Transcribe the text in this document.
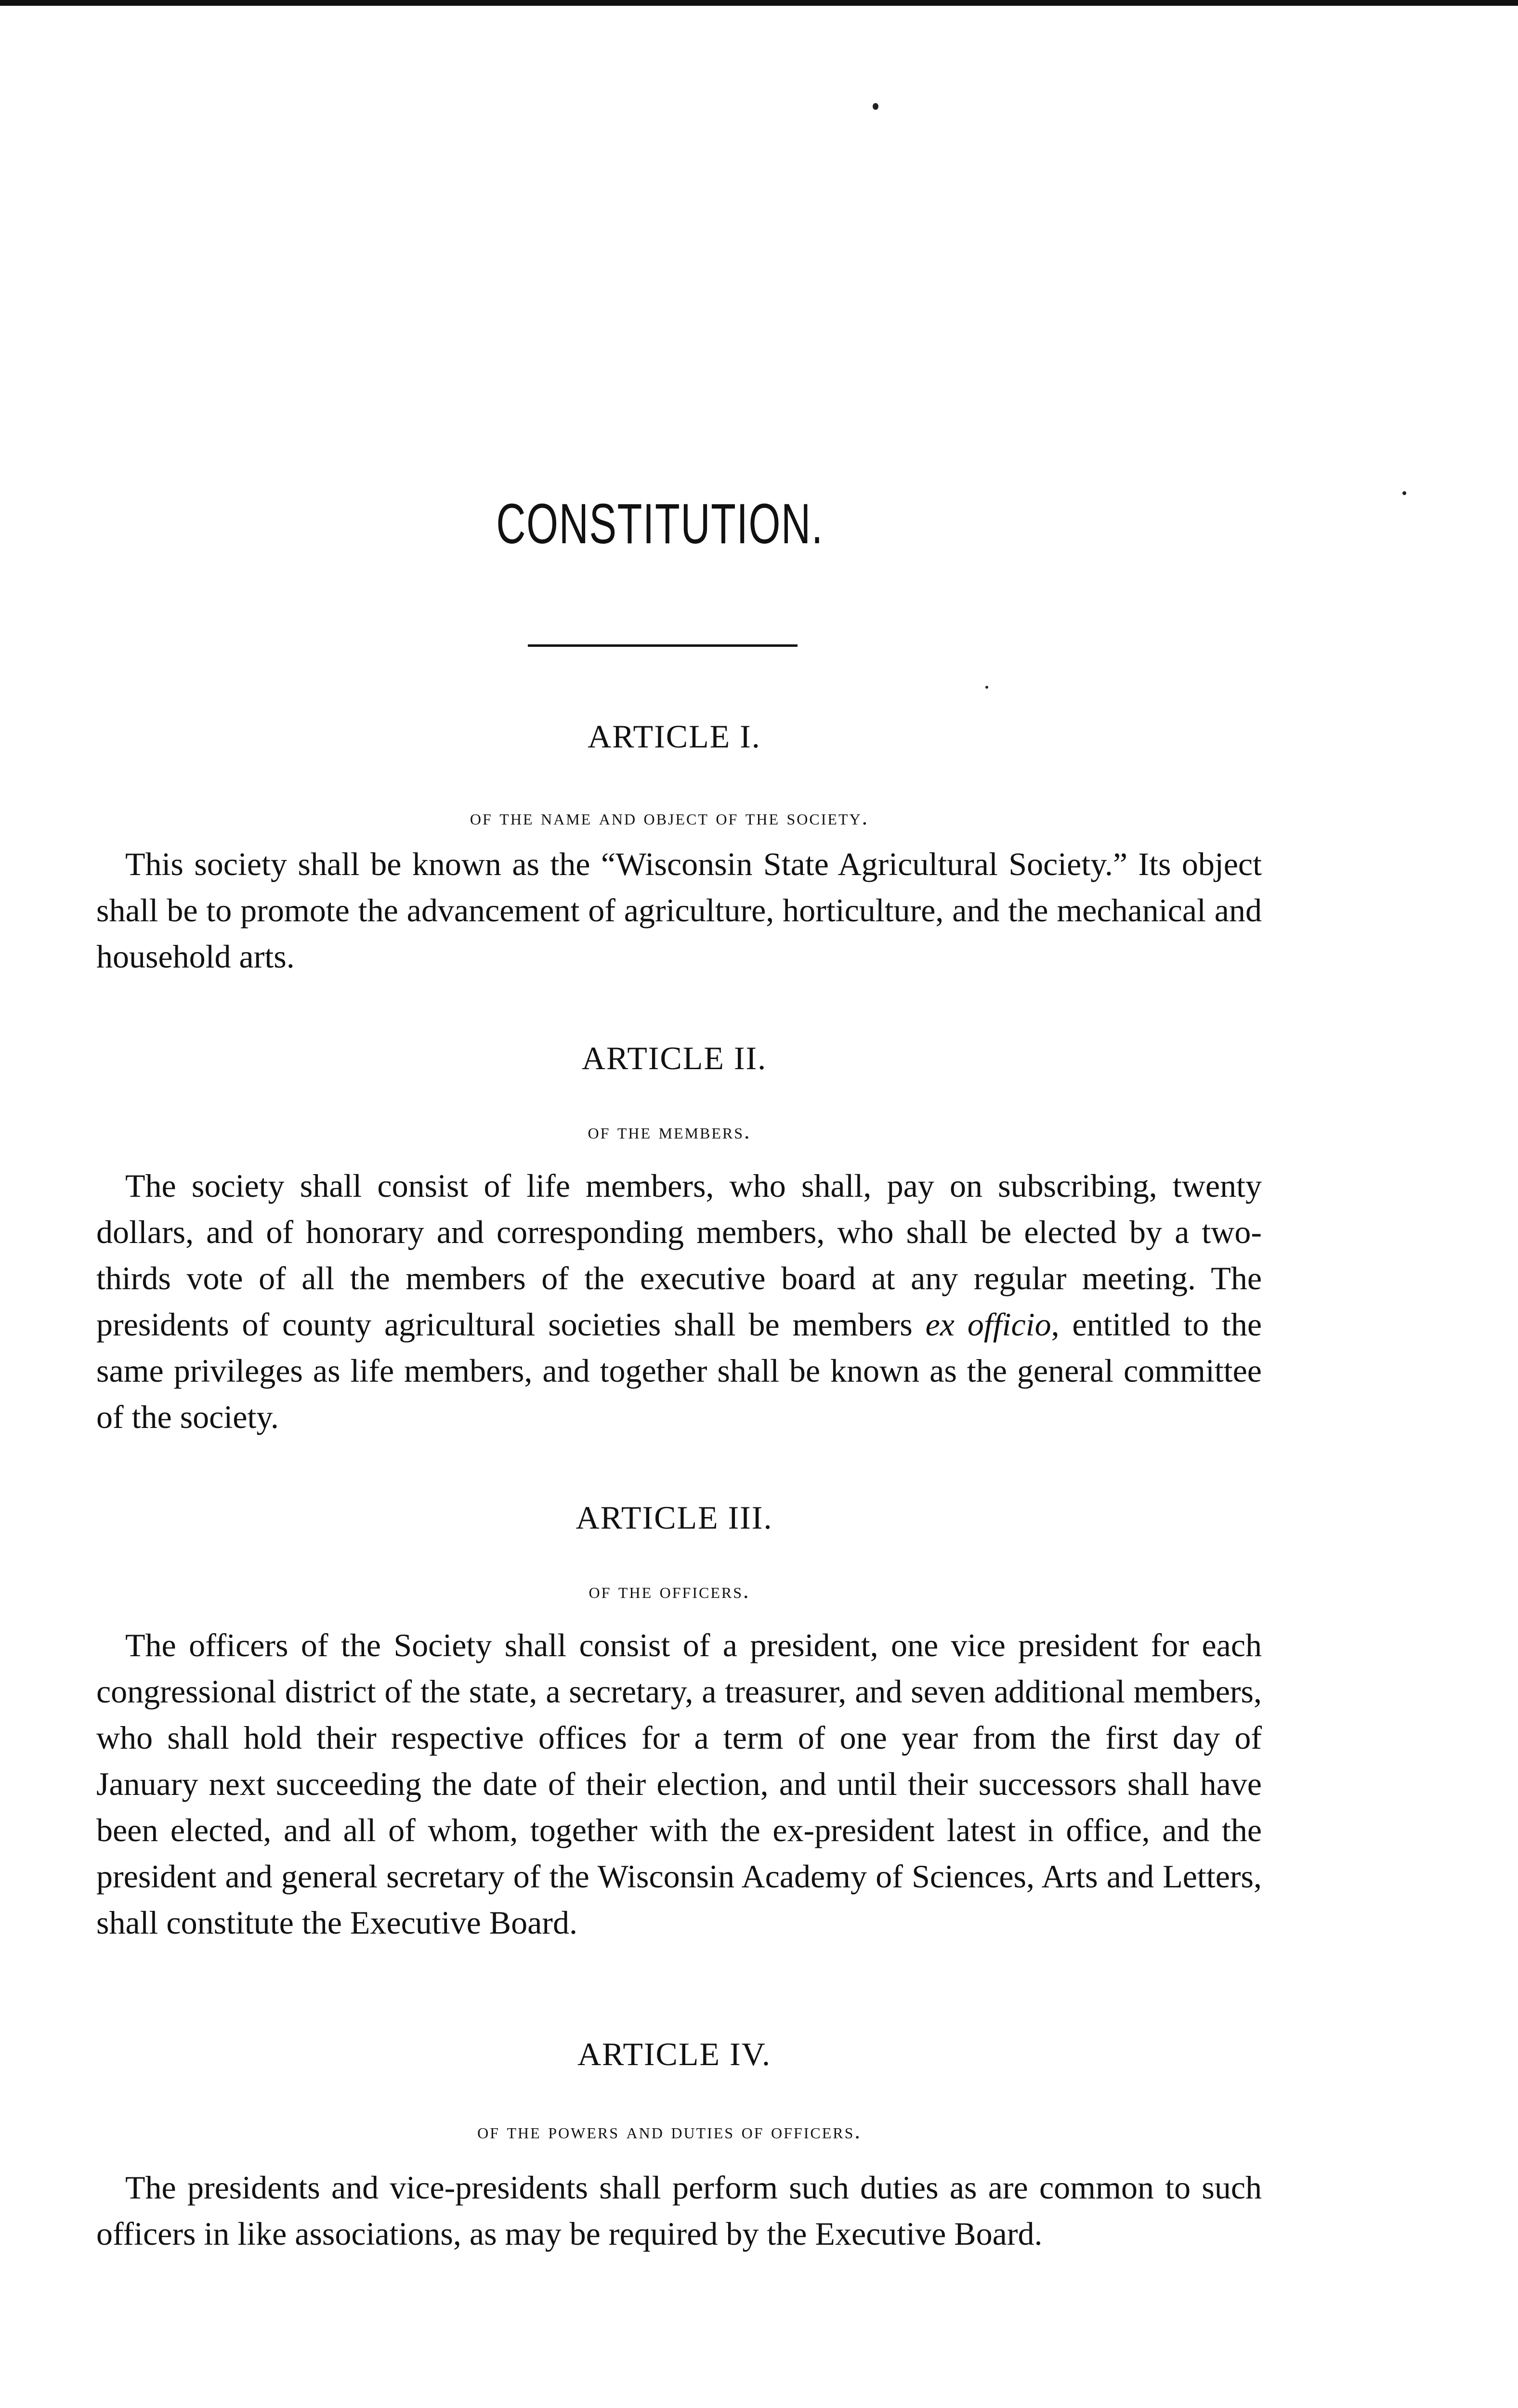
CONSTITUTION.
ARTICLE I.
of the name and object of the society.

This society shall be known as the “Wisconsin State Agricultural Society.” Its object shall be to promote the advancement of agriculture, horticulture, and the mechanical and household arts.

ARTICLE II.
of the members.

The society shall consist of life members, who shall, pay on subscribing, twenty dollars, and of honorary and corresponding members, who shall be elected by a two-thirds vote of all the members of the executive board at any regular meeting. The presidents of county agricultural societies shall be members ex officio, entitled to the same privileges as life members, and together shall be known as the general committee of the society.

ARTICLE III.
of the officers.

The officers of the Society shall consist of a president, one vice president for each congressional district of the state, a secretary, a treasurer, and seven additional members, who shall hold their respective offices for a term of one year from the first day of January next succeeding the date of their election, and until their successors shall have been elected, and all of whom, together with the ex-president latest in office, and the president and general secretary of the Wisconsin Academy of Sciences, Arts and Letters, shall constitute the Executive Board.

ARTICLE IV.
of the powers and duties of officers.

The presidents and vice-presidents shall perform such duties as are common to such officers in like associations, as may be required by the Executive Board.
